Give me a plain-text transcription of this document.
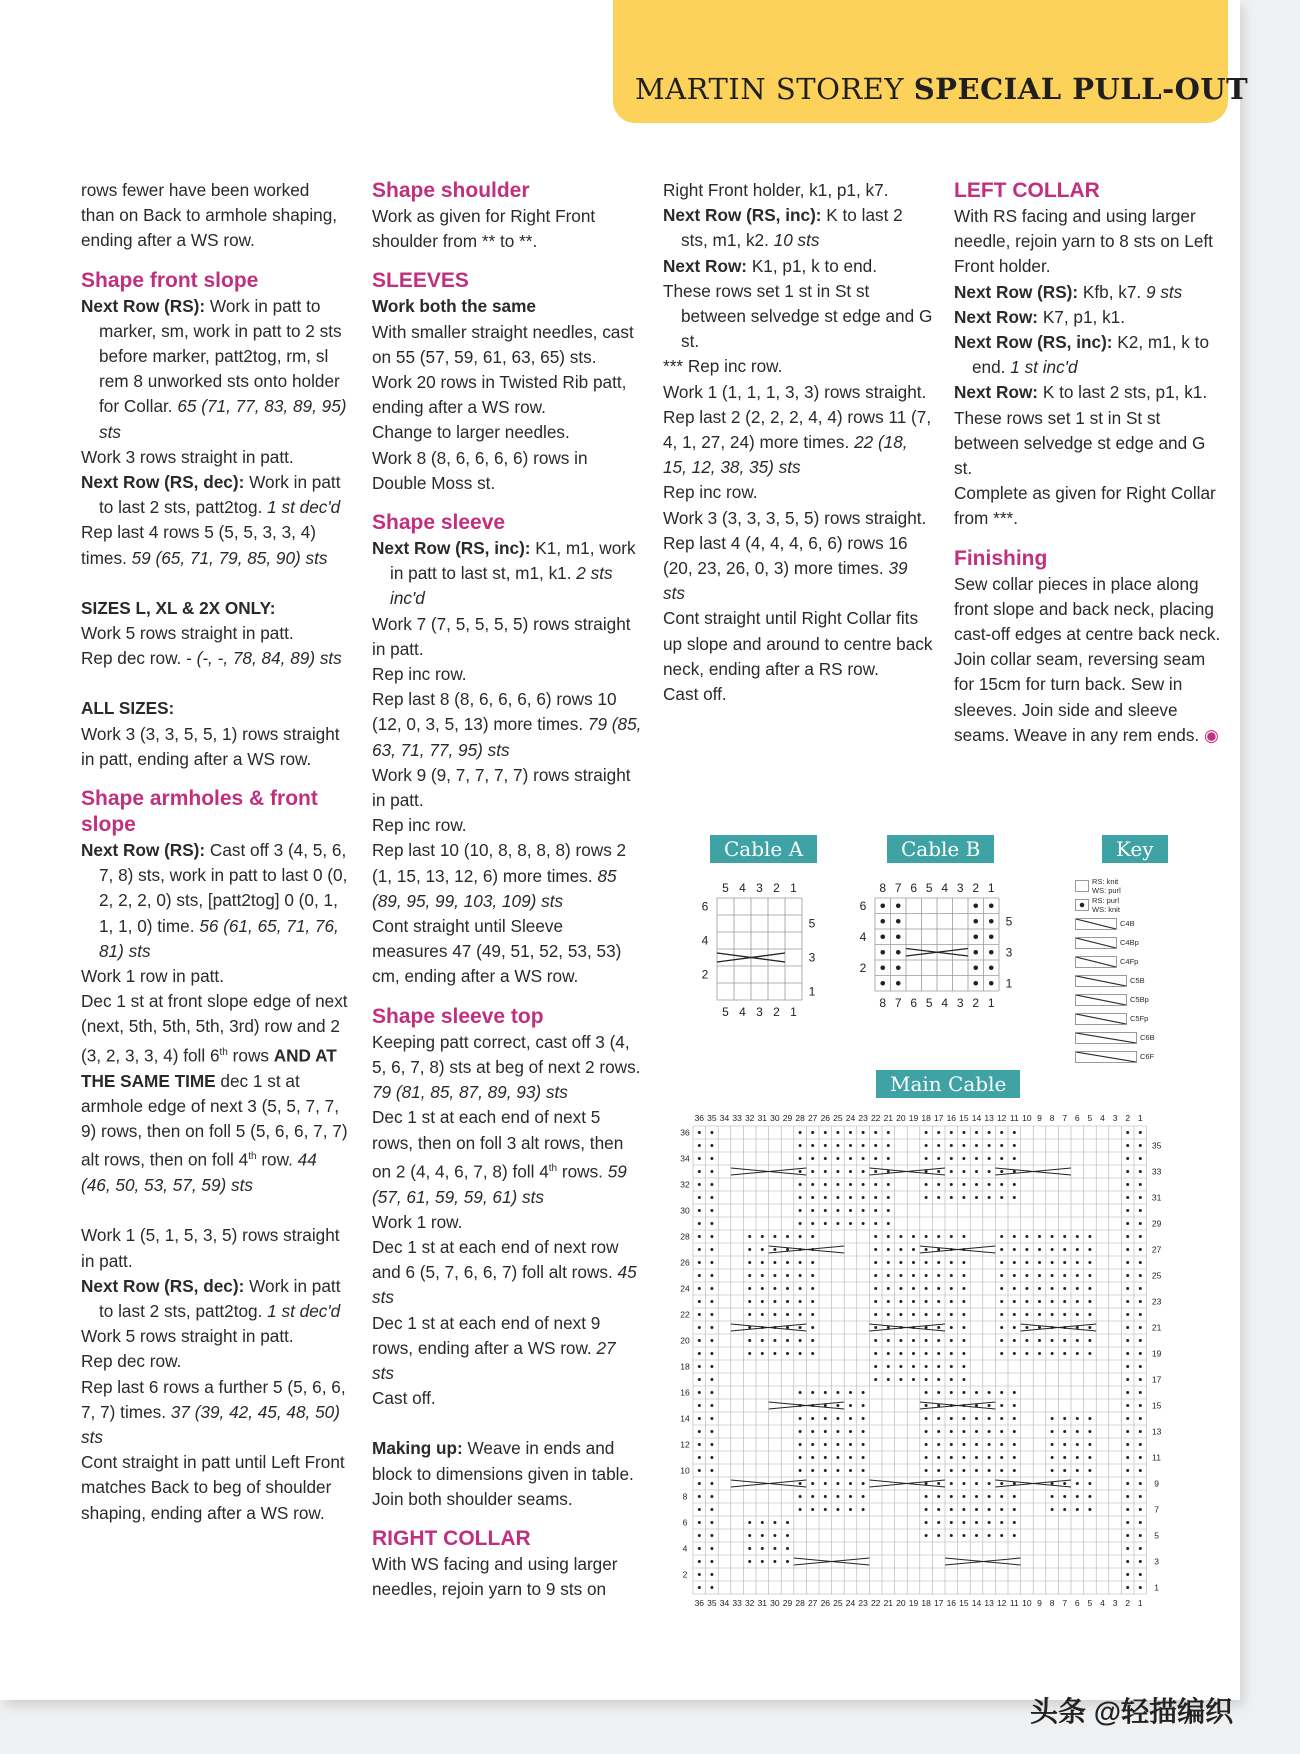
MARTIN STOREY SPECIAL PULL-OUT

rows fewer have been worked

than on Back to armhole shaping,

ending after a WS row.

Shape front slope

Next Row (RS): Work in patt to marker, sm, work in patt to 2 sts before marker, patt2tog, rm, sl rem 8 unworked sts onto holder for Collar. 65 (71, 77, 83, 89, 95) sts

Work 3 rows straight in patt.

Next Row (RS, dec): Work in patt to last 2 sts, patt2tog. 1 st dec'd

Rep last 4 rows 5 (5, 5, 3, 3, 4) times. 59 (65, 71, 79, 85, 90) sts

SIZES L, XL & 2X ONLY:

Work 5 rows straight in patt.

Rep dec row. - (-, -, 78, 84, 89) sts

ALL SIZES:

Work 3 (3, 3, 5, 5, 1) rows straight in patt, ending after a WS row.

Shape armholes & front slope

Next Row (RS): Cast off 3 (4, 5, 6, 7, 8) sts, work in patt to last 0 (0, 2, 2, 2, 0) sts, [patt2tog] 0 (0, 1, 1, 1, 0) time. 56 (61, 65, 71, 76, 81) sts

Work 1 row in patt.

Dec 1 st at front slope edge of next (next, 5th, 5th, 5th, 3rd) row and 2 (3, 2, 3, 3, 4) foll 6th rows AND AT THE SAME TIME dec 1 st at armhole edge of next 3 (5, 5, 7, 7, 9) rows, then on foll 5 (5, 6, 6, 7, 7) alt rows, then on foll 4th row. 44 (46, 50, 53, 57, 59) sts

Work 1 (5, 1, 5, 3, 5) rows straight in patt.

Next Row (RS, dec): Work in patt to last 2 sts, patt2tog. 1 st dec'd

Work 5 rows straight in patt.

Rep dec row.

Rep last 6 rows a further 5 (5, 6, 6, 7, 7) times. 37 (39, 42, 45, 48, 50) sts

Cont straight in patt until Left Front matches Back to beg of shoulder shaping, ending after a WS row.

Shape shoulder

Work as given for Right Front shoulder from ** to **.

SLEEVES

Work both the same

With smaller straight needles, cast on 55 (57, 59, 61, 63, 65) sts.

Work 20 rows in Twisted Rib patt, ending after a WS row.

Change to larger needles.

Work 8 (8, 6, 6, 6, 6) rows in Double Moss st.

Shape sleeve

Next Row (RS, inc): K1, m1, work in patt to last st, m1, k1. 2 sts inc'd

Work 7 (7, 5, 5, 5, 5) rows straight in patt.

Rep inc row.

Rep last 8 (8, 6, 6, 6, 6) rows 10 (12, 0, 3, 5, 13) more times. 79 (85, 63, 71, 77, 95) sts

Work 9 (9, 7, 7, 7, 7) rows straight in patt.

Rep inc row.

Rep last 10 (10, 8, 8, 8, 8) rows 2 (1, 15, 13, 12, 6) more times. 85 (89, 95, 99, 103, 109) sts

Cont straight until Sleeve measures 47 (49, 51, 52, 53, 53) cm, ending after a WS row.

Shape sleeve top

Keeping patt correct, cast off 3 (4, 5, 6, 7, 8) sts at beg of next 2 rows. 79 (81, 85, 87, 89, 93) sts

Dec 1 st at each end of next 5 rows, then on foll 3 alt rows, then on 2 (4, 4, 6, 7, 8) foll 4th rows. 59 (57, 61, 59, 59, 61) sts

Work 1 row.

Dec 1 st at each end of next row and 6 (5, 7, 6, 6, 7) foll alt rows. 45 sts

Dec 1 st at each end of next 9 rows, ending after a WS row. 27 sts

Cast off.

Making up: Weave in ends and block to dimensions given in table. Join both shoulder seams.

RIGHT COLLAR

With WS facing and using larger needles, rejoin yarn to 9 sts on

Right Front holder, k1, p1, k7.

Next Row (RS, inc): K to last 2 sts, m1, k2. 10 sts

Next Row: K1, p1, k to end.

These rows set 1 st in St st between selvedge st edge and G st.

*** Rep inc row.

Work 1 (1, 1, 1, 3, 3) rows straight.

Rep last 2 (2, 2, 2, 4, 4) rows 11 (7, 4, 1, 27, 24) more times. 22 (18, 15, 12, 38, 35) sts

Rep inc row.

Work 3 (3, 3, 3, 5, 5) rows straight.

Rep last 4 (4, 4, 4, 6, 6) rows 16 (20, 23, 26, 0, 3) more times. 39 sts

Cont straight until Right Collar fits up slope and around to centre back neck, ending after a RS row.

Cast off.

LEFT COLLAR

With RS facing and using larger needle, rejoin yarn to 8 sts on Left Front holder.

Next Row (RS): Kfb, k7. 9 sts

Next Row: K7, p1, k1.

Next Row (RS, inc): K2, m1, k to end. 1 st inc'd

Next Row: K to last 2 sts, p1, k1.

These rows set 1 st in St st between selvedge st edge and G st.

Complete as given for Right Collar from ***.

Finishing

Sew collar pieces in place along front slope and back neck, placing cast-off edges at centre back neck. Join collar seam, reversing seam for 15cm for turn back. Sew in sleeves. Join side and sleeve seams. Weave in any rem ends. ◉

Cable A	Cable B	Key
Main Cable
5
5
4
4
3
3
2
2
1
1
6
5
4
3
2
1
8
8
7
7
6
6
5
5
4
4
3
3
2
2
1
1
6
5
4
3
2
1
RS: knit
WS: purl
RS: purl
WS: knit
C4B
C4Bp
C4Fp
C5B
C5Bp
C5Fp
C6B
C6F
36
36
35
35
34
34
33
33
32
32
31
31
30
30
29
29
28
28
27
27
26
26
25
25
24
24
23
23
22
22
21
21
20
20
19
19
18
18
17
17
16
16
15
15
14
14
13
13
12
12
11
11
10
10
9
9
8
8
7
7
6
6
5
5
4
4
3
3
2
2
1
1
36
35
34
33
32
31
30
29
28
27
26
25
24
23
22
21
20
19
18
17
16
15
14
13
12
11
10
9
8
7
6
5
4
3
2
1
头条 @轻描编织
